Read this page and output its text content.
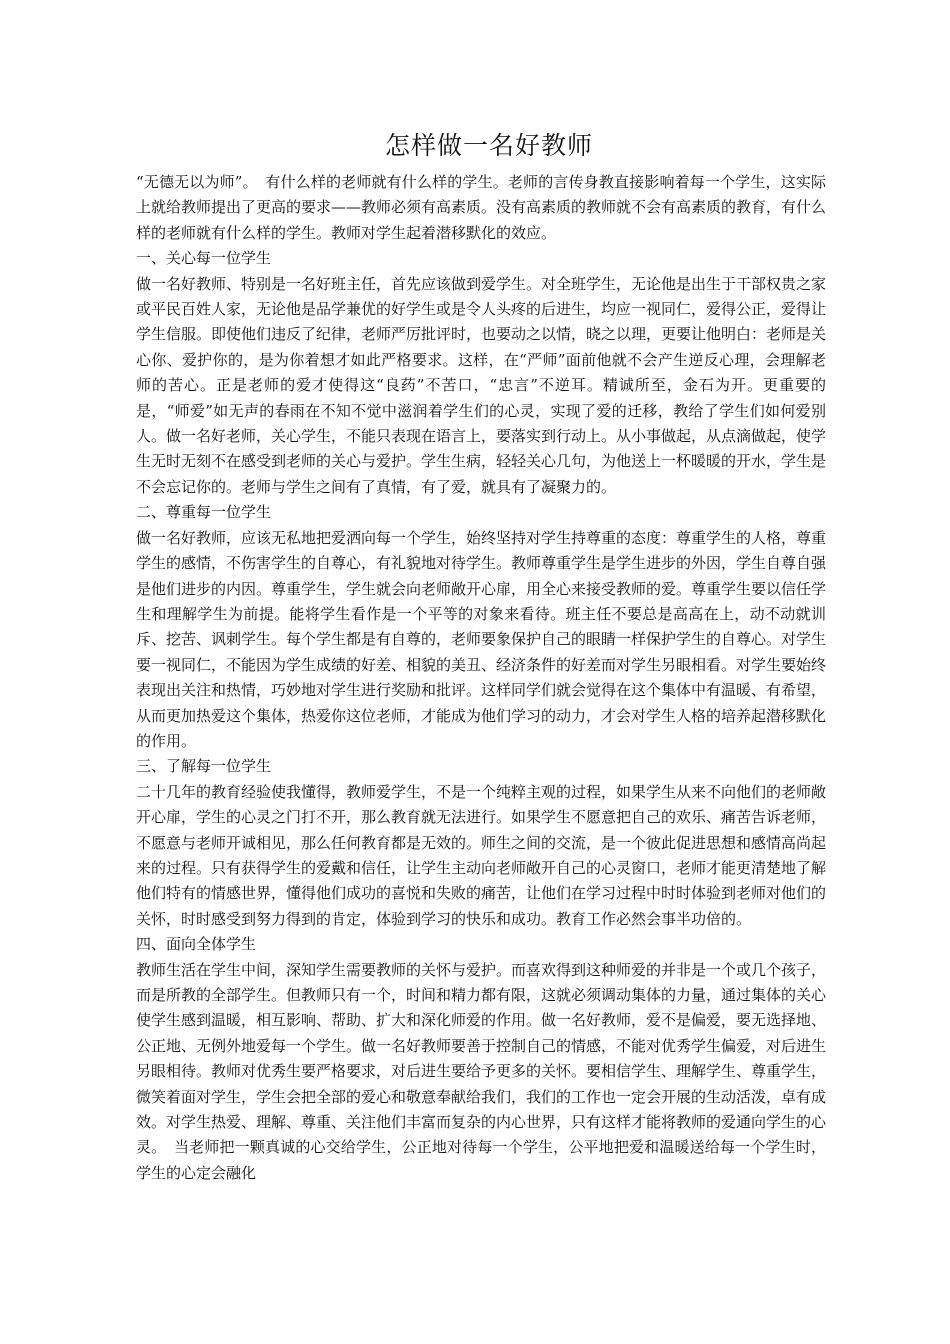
怎样做一名好教师

“无德无以为师”。　有什么样的老师就有什么样的学生。老师的言传身教直接影响着每一个学生，这实际上就给教师提出了更高的要求——教师必须有高素质。没有高素质的教师就不会有高素质的教育，有什么样的老师就有什么样的学生。教师对学生起着潜移默化的效应。

一、关心每一位学生

做一名好教师、特别是一名好班主任，首先应该做到爱学生。对全班学生，无论他是出生于干部权贵之家或平民百姓人家，无论他是品学兼优的好学生或是令人头疼的后进生，均应一视同仁，爱得公正，爱得让学生信服。即使他们违反了纪律，老师严厉批评时，也要动之以情，晓之以理，更要让他明白：老师是关心你、爱护你的，是为你着想才如此严格要求。这样，在“严师”面前他就不会产生逆反心理，会理解老师的苦心。正是老师的爱才使得这“良药”不苦口，“忠言”不逆耳。精诚所至，金石为开。更重要的是，“师爱”如无声的春雨在不知不觉中滋润着学生们的心灵，实现了爱的迁移，教给了学生们如何爱别人。做一名好老师，关心学生，不能只表现在语言上，要落实到行动上。从小事做起，从点滴做起，使学生无时无刻不在感受到老师的关心与爱护。学生生病，轻轻关心几句，为他送上一杯暖暖的开水，学生是不会忘记你的。老师与学生之间有了真情，有了爱，就具有了凝聚力的。

二、尊重每一位学生

做一名好教师，应该无私地把爱洒向每一个学生，始终坚持对学生持尊重的态度：尊重学生的人格，尊重学生的感情，不伤害学生的自尊心，有礼貌地对待学生。教师尊重学生是学生进步的外因，学生自尊自强是他们进步的内因。尊重学生，学生就会向老师敞开心扉，用全心来接受教师的爱。尊重学生要以信任学生和理解学生为前提。能将学生看作是一个平等的对象来看待。班主任不要总是高高在上，动不动就训斥、挖苦、讽刺学生。每个学生都是有自尊的，老师要象保护自己的眼睛一样保护学生的自尊心。对学生要一视同仁，不能因为学生成绩的好差、相貌的美丑、经济条件的好差而对学生另眼相看。对学生要始终表现出关注和热情，巧妙地对学生进行奖励和批评。这样同学们就会觉得在这个集体中有温暖、有希望，从而更加热爱这个集体，热爱你这位老师，才能成为他们学习的动力，才会对学生人格的培养起潜移默化的作用。

三、了解每一位学生

二十几年的教育经验使我懂得，教师爱学生，不是一个纯粹主观的过程，如果学生从来不向他们的老师敞开心扉，学生的心灵之门打不开，那么教育就无法进行。如果学生不愿意把自己的欢乐、痛苦告诉老师，不愿意与老师开诚相见，那么任何教育都是无效的。师生之间的交流，是一个彼此促进思想和感情高尚起来的过程。只有获得学生的爱戴和信任，让学生主动向老师敞开自己的心灵窗口，老师才能更清楚地了解他们特有的情感世界，懂得他们成功的喜悦和失败的痛苦，让他们在学习过程中时时体验到老师对他们的关怀，时时感受到努力得到的肯定，体验到学习的快乐和成功。教育工作必然会事半功倍的。

四、面向全体学生

教师生活在学生中间，深知学生需要教师的关怀与爱护。而喜欢得到这种师爱的并非是一个或几个孩子，而是所教的全部学生。但教师只有一个，时间和精力都有限，这就必须调动集体的力量，通过集体的关心使学生感到温暖，相互影响、帮助、扩大和深化师爱的作用。做一名好教师，爱不是偏爱，要无选择地、公正地、无例外地爱每一个学生。做一名好教师要善于控制自己的情感，不能对优秀学生偏爱，对后进生另眼相待。教师对优秀生要严格要求，对后进生要给予更多的关怀。要相信学生、理解学生、尊重学生，微笑着面对学生，学生会把全部的爱心和敬意奉献给我们，我们的工作也一定会开展的生动活泼，卓有成效。对学生热爱、理解、尊重、关注他们丰富而复杂的内心世界，只有这样才能将教师的爱通向学生的心灵。　当老师把一颗真诚的心交给学生，公正地对待每一个学生，公平地把爱和温暖送给每一个学生时，学生的心定会融化
